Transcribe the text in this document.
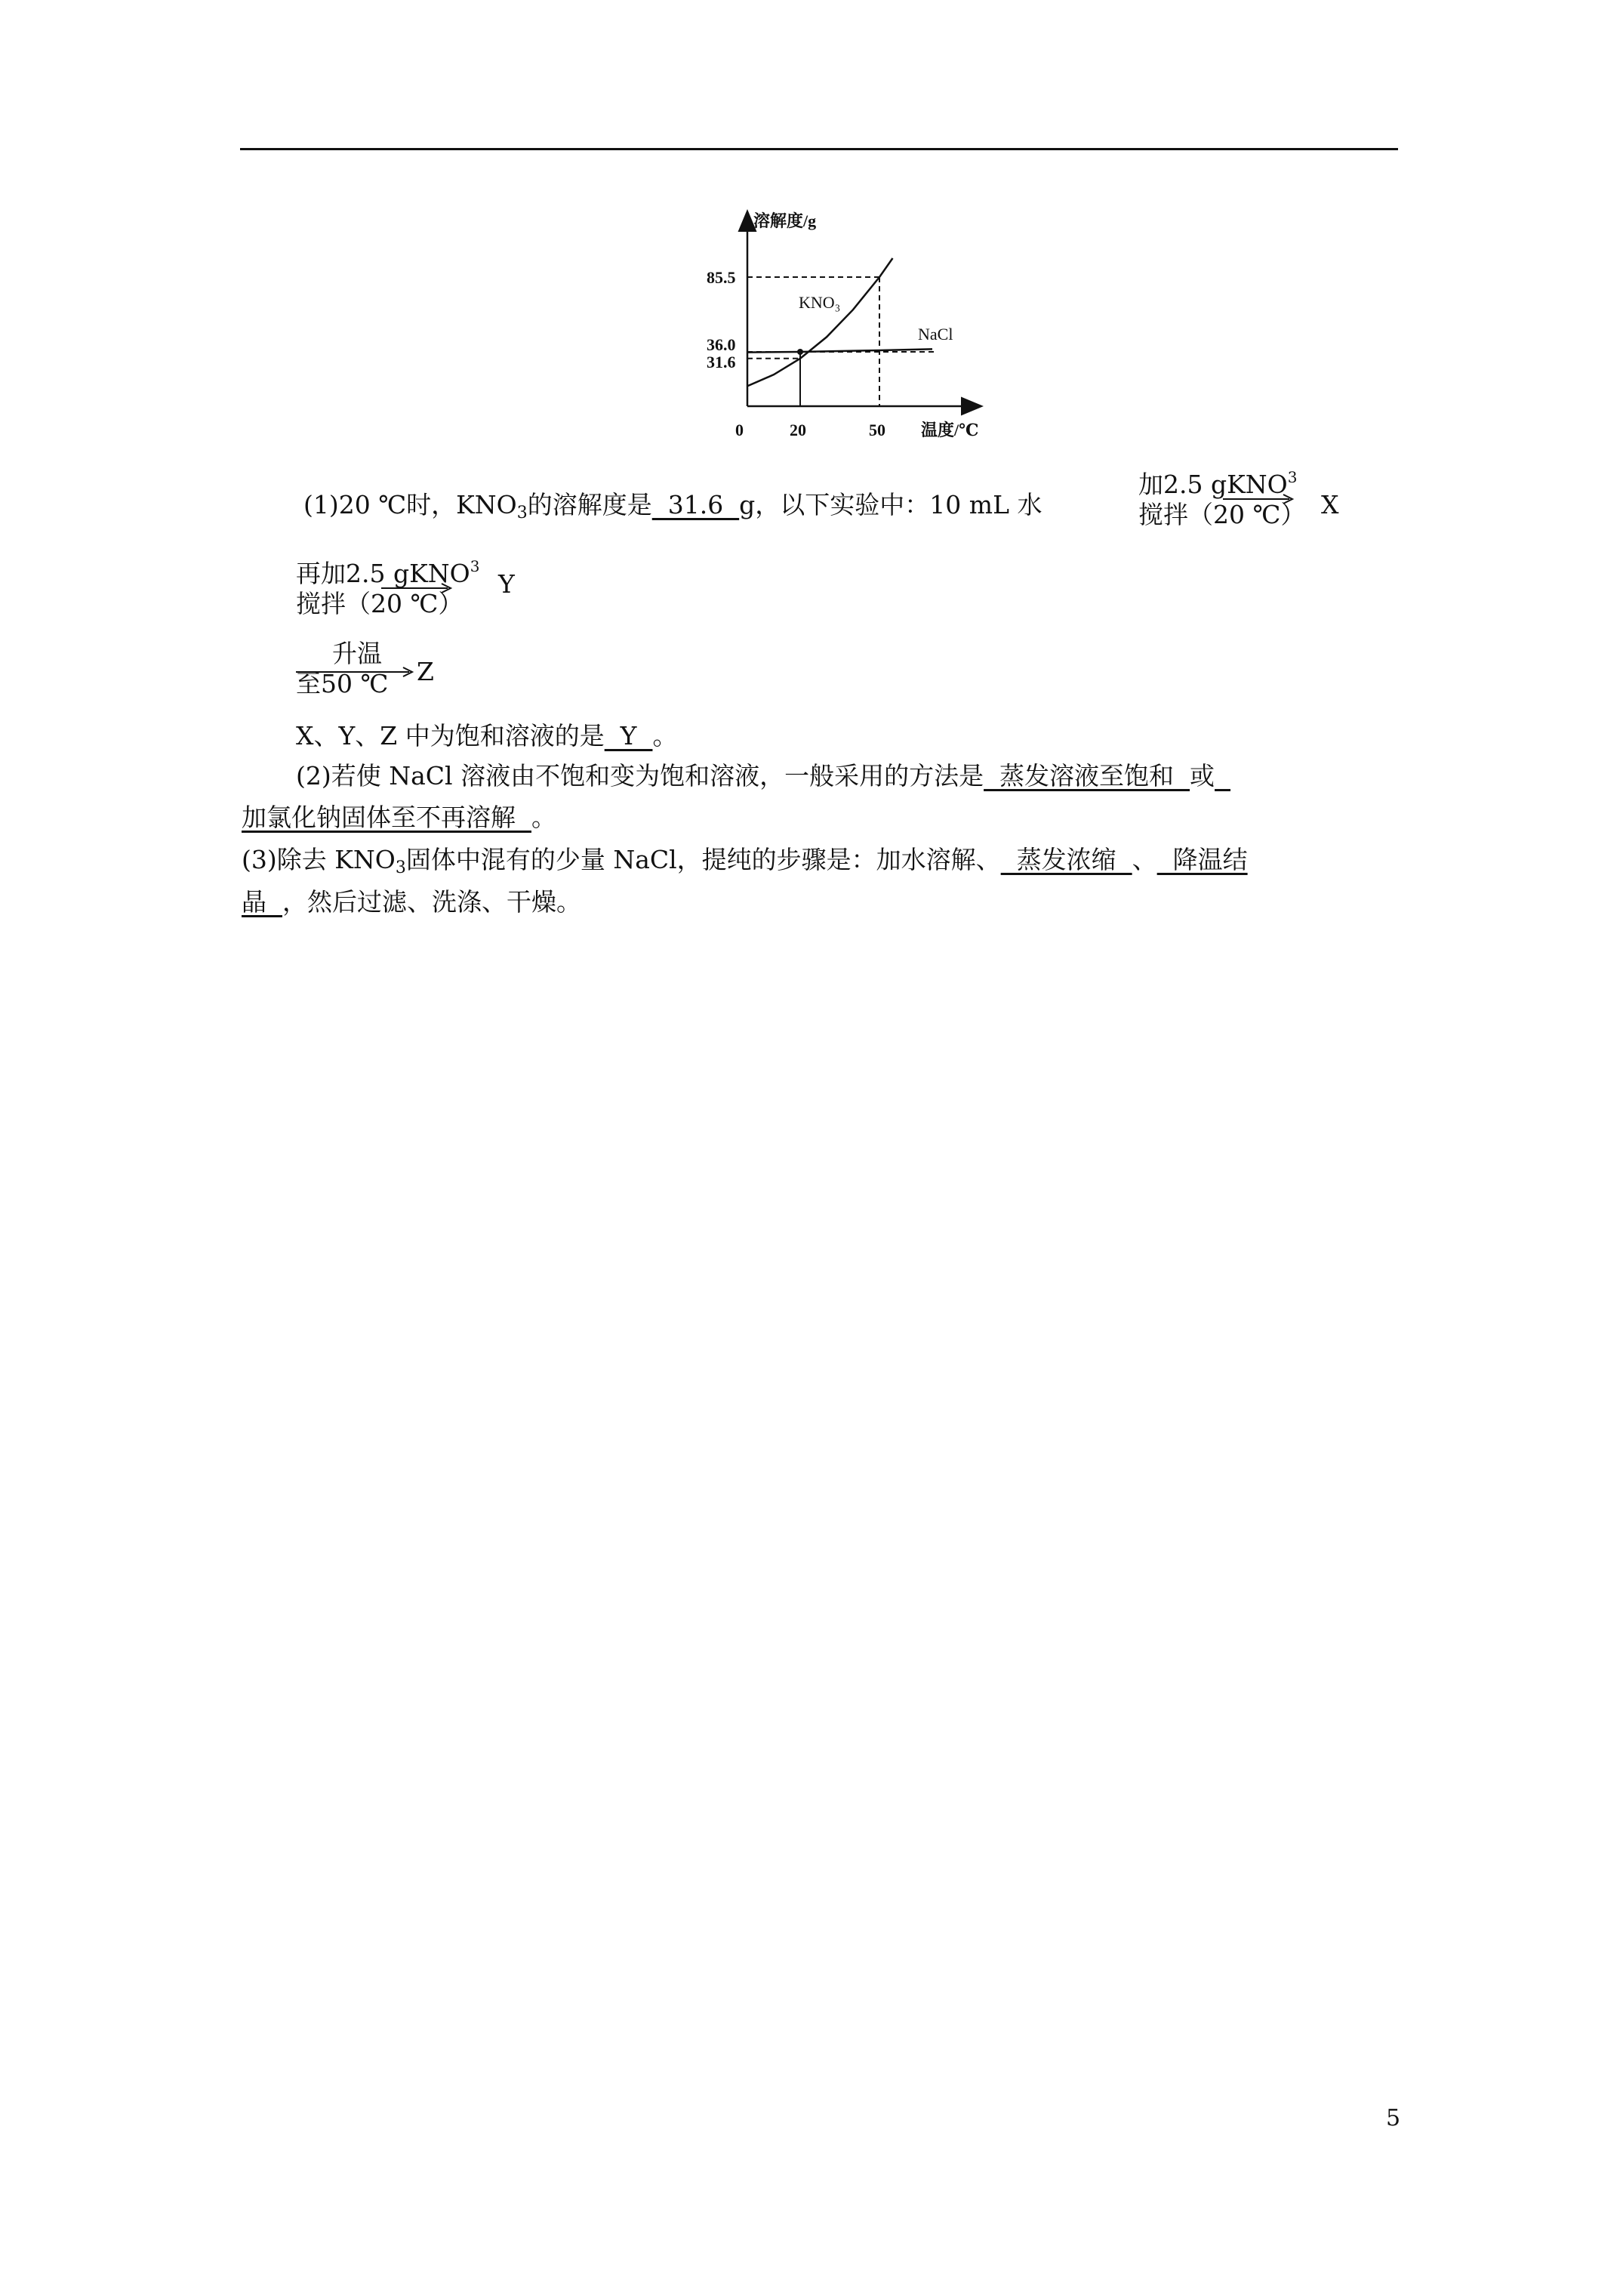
0	20	50
31.6
36.0
85.5
KNO₃
NaCl
溶解度/g
温度/℃
(1)20 ℃时，$KNO_3$的溶解度是  31.6  g，以下实验中：10 mL 水
加2.5 gKNO$^3$
搅拌（20 ℃） X
再加2.5 gKNO$^3$
搅拌（20 ℃）
Y
升温
至50 ℃ Z
X、Y、Z 中为饱和溶液的是  Y  。
(2)若使 NaCl 溶液由不饱和变为饱和溶液，一般采用的方法是  蒸发溶液至饱和  或
加氯化钠固体至不再溶解  。
(3)除去 $KNO_3$固体中混有的少量 NaCl，提纯的步骤是：加水溶解、  蒸发浓缩  、  降温结
晶  ，然后过滤、洗涤、干燥。
5
